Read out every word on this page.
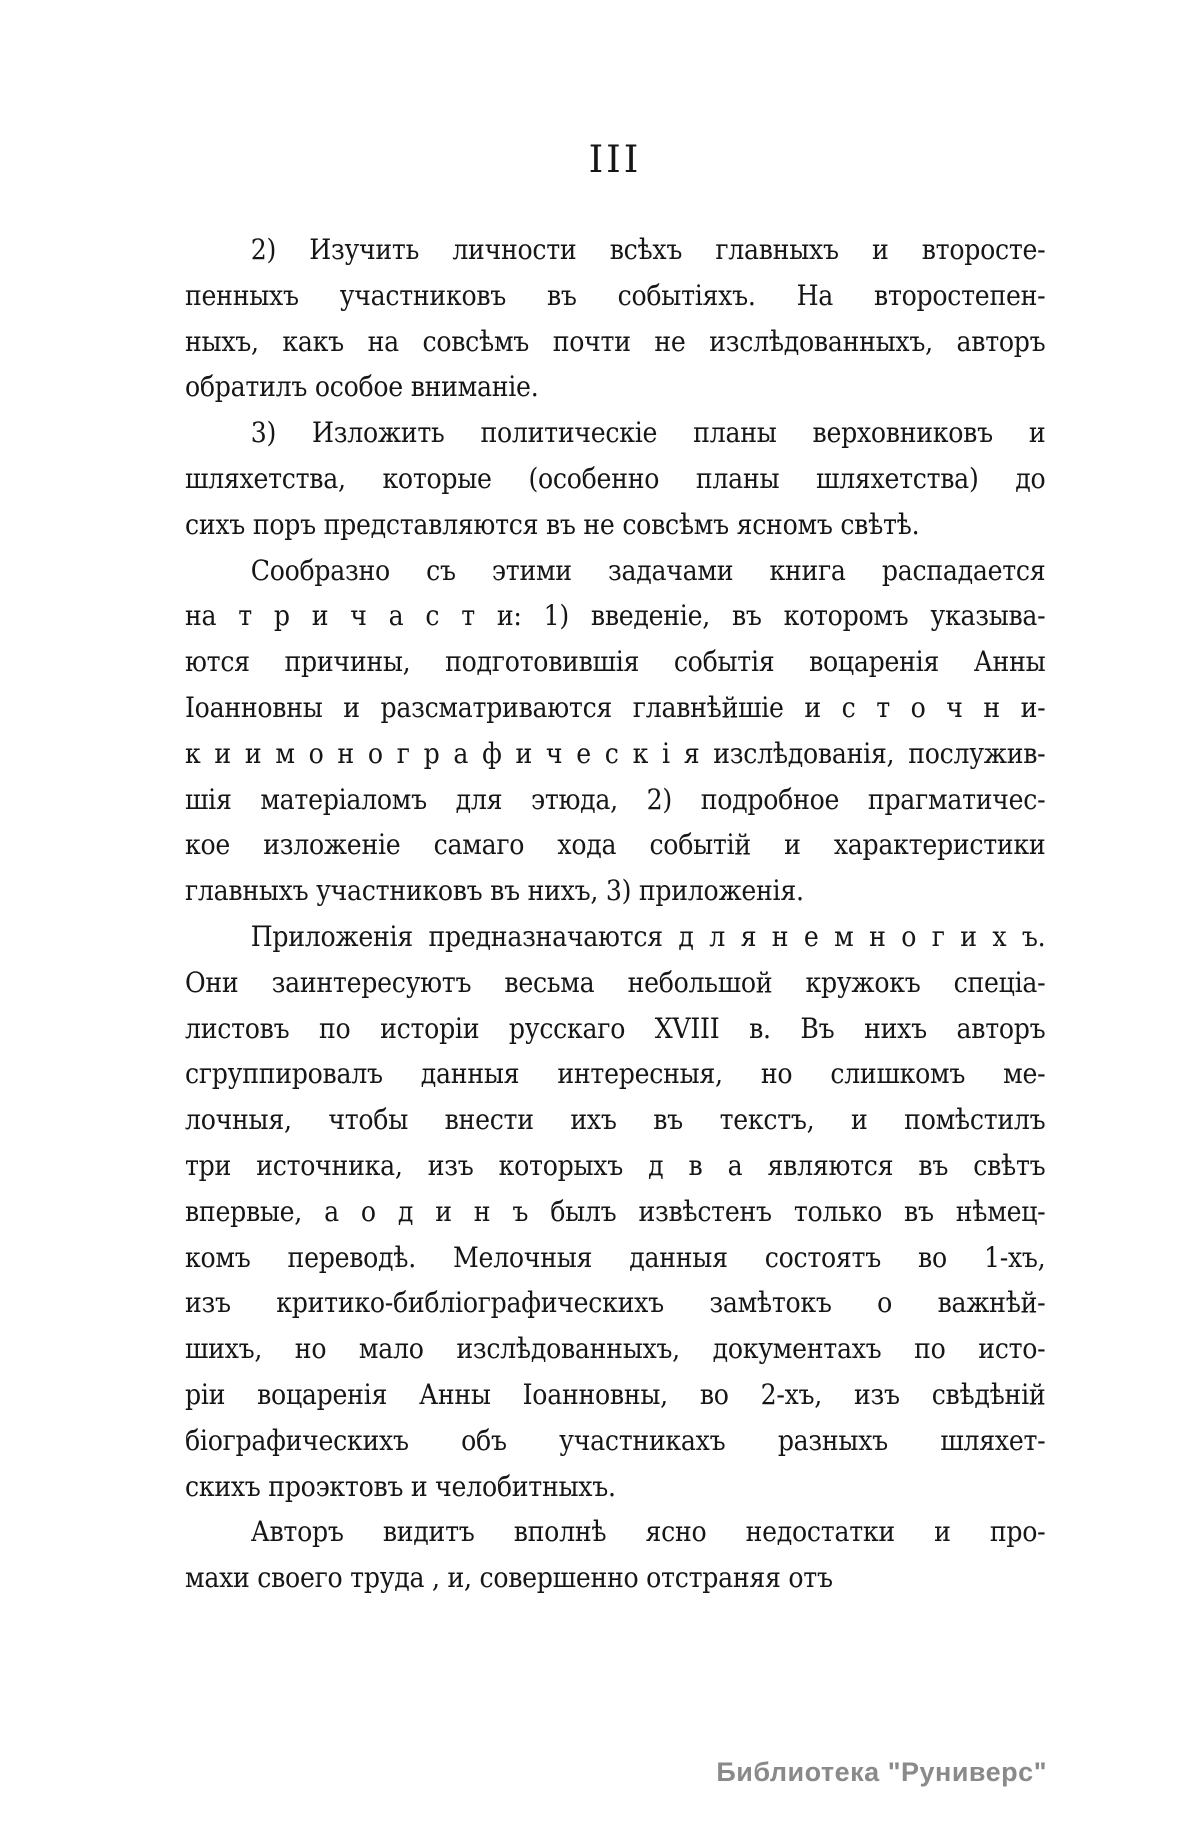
III
2) Изучить личности всѣхъ главныхъ и второсте-
пенныхъ участниковъ въ событіяхъ. На второстепен-
ныхъ, какъ на совсѣмъ почти не изслѣдованныхъ, авторъ
обратилъ особое вниманіе.
3) Изложить политическіе планы верховниковъ и
шляхетства, которые (особенно планы шляхетства) до
сихъ поръ представляются въ не совсѣмъ ясномъ свѣтѣ.
Сообразно съ этими задачами книга распадается
на т р и ч а с т и: 1) введеніе, въ которомъ указыва-
ются причины, подготовившія событія воцаренія Анны
Іоанновны и разсматриваются главнѣйшіе и с т о ч н и-
к и и м о н о г р а ф и ч е с к і я изслѣдованія, послужив-
шія матеріаломъ для этюда, 2) подробное прагматичес-
кое изложеніе самаго хода событій и характеристики
главныхъ участниковъ въ нихъ, 3) приложенія.
Приложенія предназначаются д л я н е м н о г и х ъ.
Они заинтересуютъ весьма небольшой кружокъ спеціа-
листовъ по исторіи русскаго XVIII в. Въ нихъ авторъ
сгруппировалъ данныя интересныя, но слишкомъ ме-
лочныя, чтобы внести ихъ въ текстъ, и помѣстилъ
три источника, изъ которыхъ д в а являются въ свѣтъ
впервые, а о д и н ъ былъ извѣстенъ только въ нѣмец-
комъ переводѣ. Мелочныя данныя состоятъ во 1-хъ,
изъ критико-библіографическихъ замѣтокъ о важнѣй-
шихъ, но мало изслѣдованныхъ, документахъ по исто-
ріи воцаренія Анны Іоанновны, во 2-хъ, изъ свѣдѣній
біографическихъ объ участникахъ разныхъ шляхет-
скихъ проэктовъ и челобитныхъ.
Авторъ видитъ вполнѣ ясно недостатки и про-
махи своего труда , и, совершенно отстраняя отъ
Библиотека "Руниверс"
